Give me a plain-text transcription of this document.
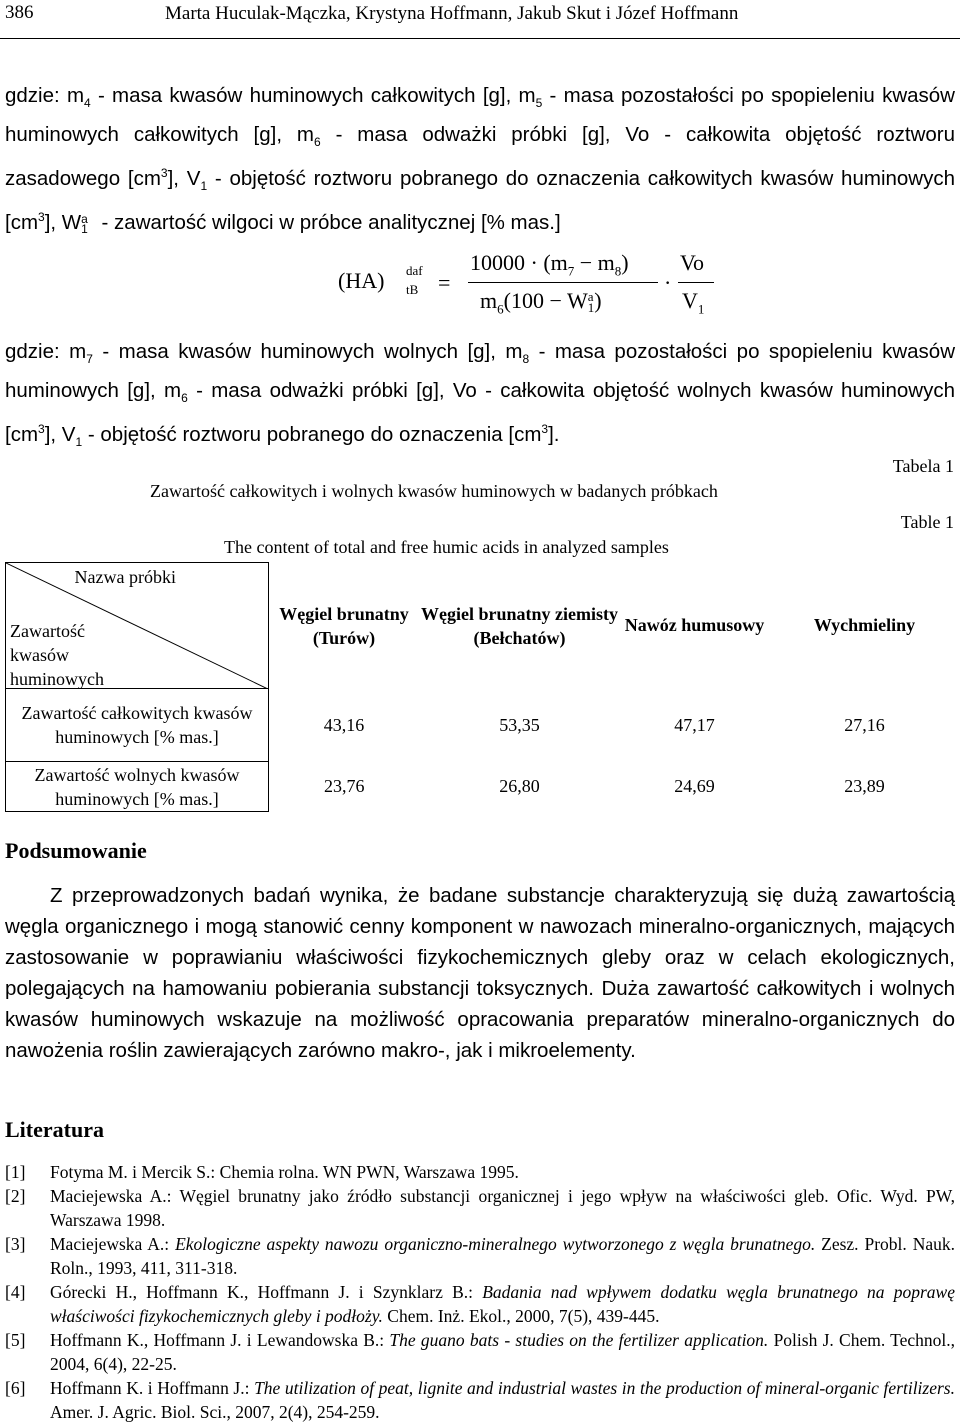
386	Marta Huculak-Mączka, Krystyna Hoffmann, Jakub Skut i Józef Hoffmann

gdzie: $m_4$ - masa kwasów huminowych całkowitych [g], $m_5$ - masa pozostałości po spopieleniu kwasów huminowych całkowitych [g], $m_6$ - masa odważki próbki [g], Vo - całkowita objętość roztworu zasadowego $[cm^3]$, $V_1$ - objętość roztworu pobranego do oznaczenia całkowitych kwasów huminowych $[cm^3]$, W a
1 - zawartość wilgoci w próbce analitycznej [% mas.]

(HA) daf
tB =
$10000 \cdot (m_7 - m_8)$
$m_6(100 - W$ a
1 )
·
Vo
$V_1$

gdzie: $m_7$ - masa kwasów huminowych wolnych [g], $m_8$ - masa pozostałości po spopieleniu kwasów huminowych [g], $m_6$ - masa odważki próbki [g], Vo - całkowita objętość wolnych kwasów huminowych $[cm^3]$, $V_1$ - objętość roztworu pobranego do oznaczenia $[cm^3]$.

Tabela 1
Zawartość całkowitych i wolnych kwasów huminowych w badanych próbkach
Table 1
The content of total and free humic acids in analyzed samples
Nazwa próbki
Zawartość kwasów huminowych	Węgiel brunatny (Turów)	Węgiel brunatny ziemisty (Bełchatów)	Nawóz humusowy	Wychmieliny
Zawartość całkowitych kwasów huminowych [% mas.]	43,16	53,35	47,17	27,16
Zawartość wolnych kwasów huminowych [% mas.]	23,76	26,80	24,69	23,89
Podsumowanie
Z przeprowadzonych badań wynika, że badane substancje charakteryzują się dużą zawartością węgla organicznego i mogą stanowić cenny komponent w nawozach mineralno-organicznych, mających zastosowanie w poprawianiu właściwości fizykochemicznych gleby oraz w celach ekologicznych, polegających na hamowaniu pobierania substancji toksycznych. Duża zawartość całkowitych i wolnych kwasów huminowych wskazuje na możliwość opracowania preparatów mineralno-organicznych do nawożenia roślin zawierających zarówno makro-, jak i mikroelementy.
Literatura
[1] Fotyma M. i Mercik S.: Chemia rolna. WN PWN, Warszawa 1995.
[2] Maciejewska A.: Węgiel brunatny jako źródło substancji organicznej i jego wpływ na właściwości gleb. Ofic. Wyd. PW, Warszawa 1998.
[3] Maciejewska A.: Ekologiczne aspekty nawozu organiczno-mineralnego wytworzonego z węgla brunatnego. Zesz. Probl. Nauk. Roln., 1993, 411, 311-318.
[4] Górecki H., Hoffmann K., Hoffmann J. i Szynklarz B.: Badania nad wpływem dodatku węgla brunatnego na poprawę właściwości fizykochemicznych gleby i podłoży. Chem. Inż. Ekol., 2000, 7(5), 439-445.
[5] Hoffmann K., Hoffmann J. i Lewandowska B.: The guano bats - studies on the fertilizer application. Polish J. Chem. Technol., 2004, 6(4), 22-25.
[6] Hoffmann K. i Hoffmann J.: The utilization of peat, lignite and industrial wastes in the production of mineral-organic fertilizers. Amer. J. Agric. Biol. Sci., 2007, 2(4), 254-259.
